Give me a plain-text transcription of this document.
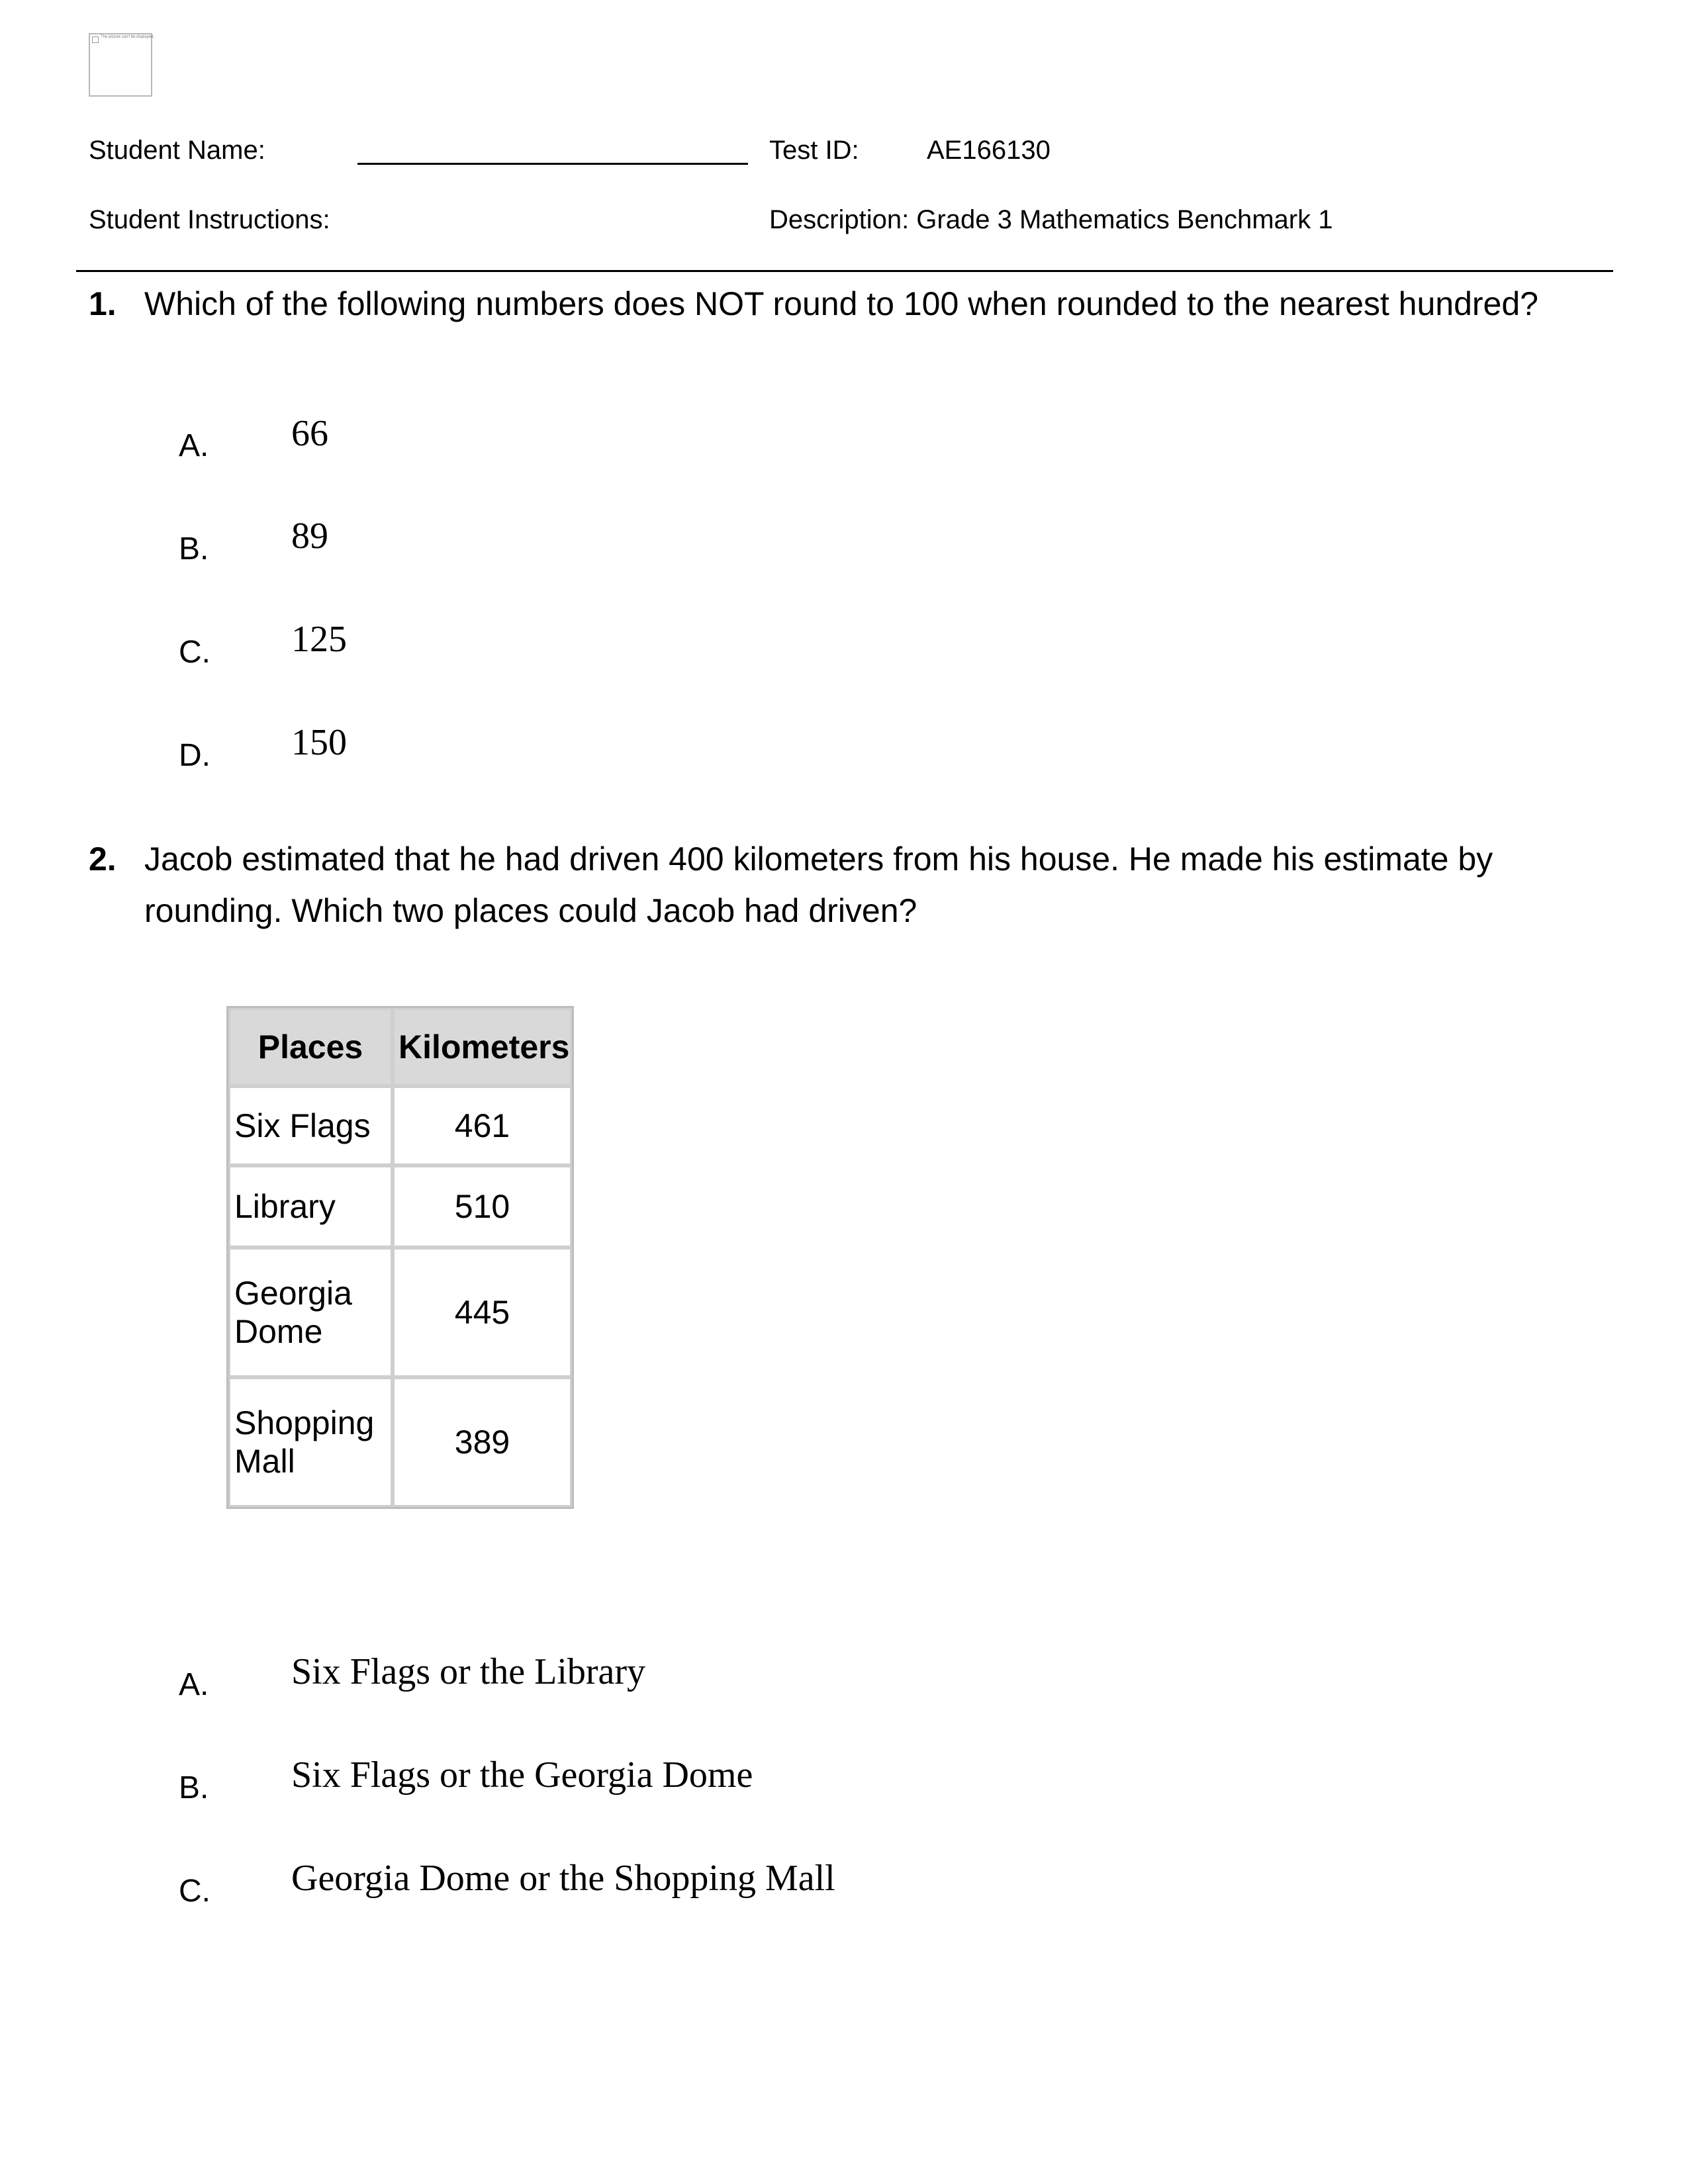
The picture can't be displayed.
Student Name:	Test ID:	AE166130
Student Instructions:	Description: Grade 3 Mathematics Benchmark 1
1. Which of the following numbers does NOT round to 100 when rounded to the nearest hundred?
A. 66
B. 89
C. 125
D. 150
2. Jacob estimated that he had driven 400 kilometers from his house. He made his estimate by rounding. Which two places could Jacob had driven?
Places	Kilometers
Six Flags	461
Library	510
Georgia Dome	445
Shopping Mall	389
A. Six Flags or the Library
B. Six Flags or the Georgia Dome
C. Georgia Dome or the Shopping Mall
